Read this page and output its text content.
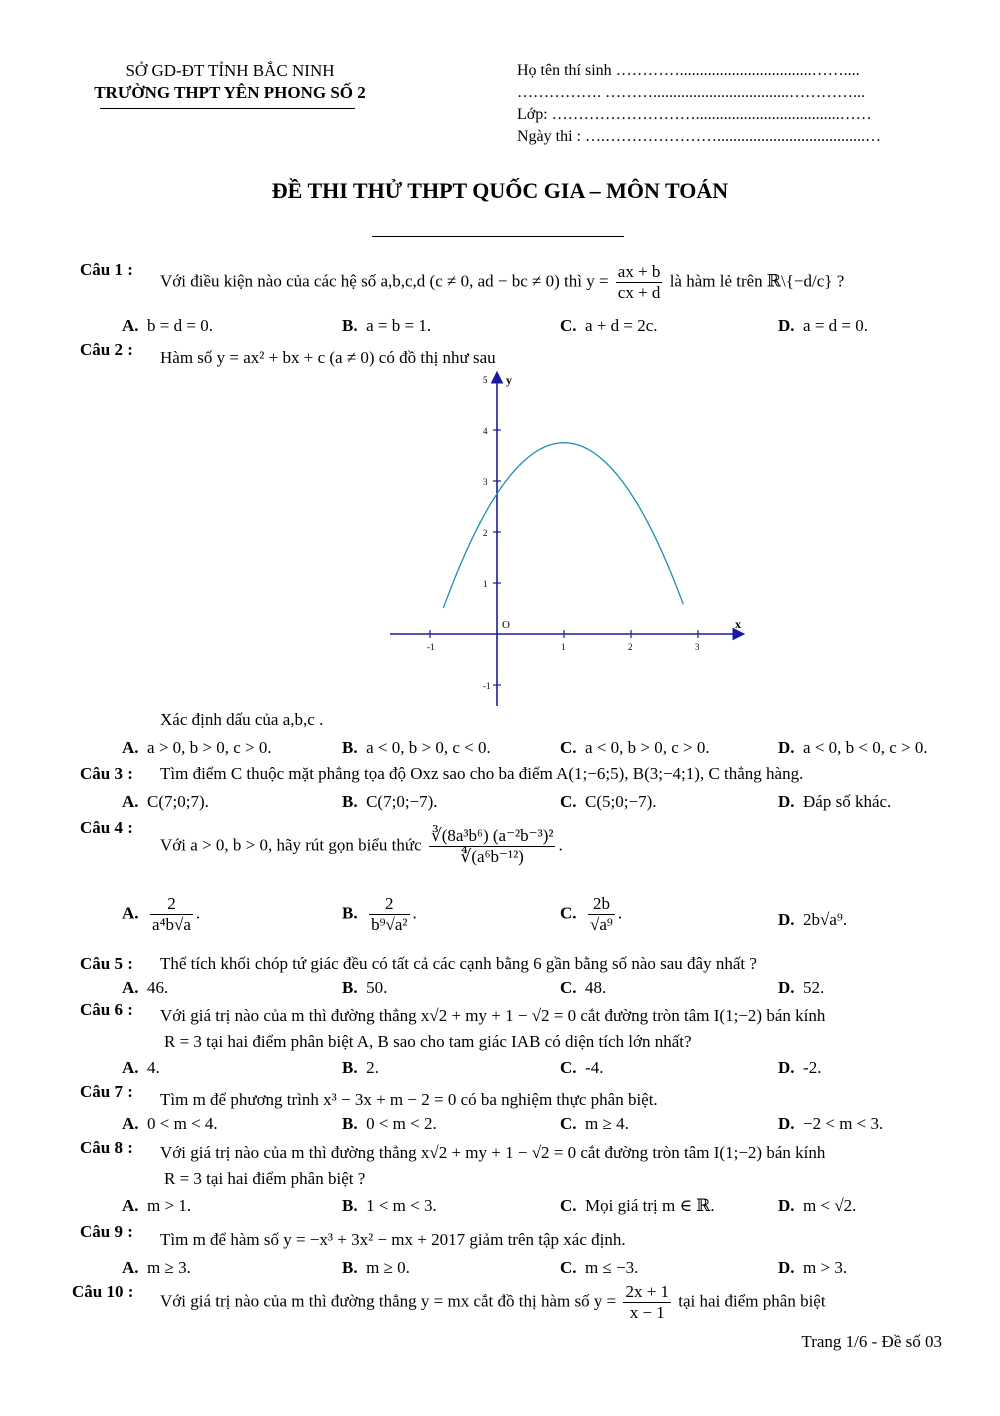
SỞ GD-ĐT TỈNH BẮC NINH
TRƯỜNG THPT YÊN PHONG SỐ 2
Họ tên thí sinh ………….................................……....
……………. ………..................................…………...
Lớp: ………………………....................................……
Ngày thi : ….………………….....................................…
ĐỀ THI THỬ THPT QUỐC GIA – MÔN TOÁN
Câu 1 :
Với điều kiện nào của các hệ số a,b,c,d (c ≠ 0, ad − bc ≠ 0) thì $y = \frac{ax + b}{cx + d}$ là hàm lẻ trên ℝ\{−d/c} ?
A. b = d = 0.	B. a = b = 1.	C. a + d = 2c.	D. a = d = 0.
Câu 2 : Hàm số y = ax² + bx + c (a ≠ 0) có đồ thị như sau
5
4
3
2
1
-1
-1	1	2	3
y
x
O
Xác định dấu của a,b,c .
A. a > 0, b > 0, c > 0.	B. a < 0, b > 0, c < 0.	C. a < 0, b > 0, c > 0.	D. a < 0, b < 0, c > 0.
Câu 3 : Tìm điểm C thuộc mặt phẳng tọa độ Oxz sao cho ba điểm A(1;−6;5), B(3;−4;1), C thẳng hàng.
A. C(7;0;7).	B. C(7;0;−7).	C. C(5;0;−7).	D. Đáp số khác.
Câu 4 :
Với a > 0, b > 0, hãy rút gọn biểu thức $\frac{\text{∛(8a³b⁶) (a⁻²b⁻³)²}}{\text{∜(a⁶b⁻¹²)}}$ .
A. $\frac{2}{\text{a⁴b√a}}$ .	B. $\frac{2}{\text{b⁹√a²}}$ .	C. $\frac{2b}{\text{√a⁹}}$ .	D. 2b√a⁹.
Câu 5 : Thể tích khối chóp tứ giác đều có tất cả các cạnh bằng 6 gần bằng số nào sau đây nhất ?
A. 46.	B. 50.	C. 48.	D. 52.
Câu 6 : Với giá trị nào của m thì đường thẳng x√2 + my + 1 − √2 = 0 cắt đường tròn tâm I(1;−2) bán kính
R = 3 tại hai điểm phân biệt A, B sao cho tam giác IAB có diện tích lớn nhất?
A. 4.	B. 2.	C. -4.	D. -2.
Câu 7 : Tìm m để phương trình x³ − 3x + m − 2 = 0 có ba nghiệm thực phân biệt.
A. 0 < m < 4.	B. 0 < m < 2.	C. m ≥ 4.	D. −2 < m < 3.
Câu 8 : Với giá trị nào của m thì đường thẳng x√2 + my + 1 − √2 = 0 cắt đường tròn tâm I(1;−2) bán kính
R = 3 tại hai điểm phân biệt ?
A. m > 1.	B. 1 < m < 3.	C. Mọi giá trị m ∈ ℝ.	D. m < √2.
Câu 9 : Tìm m để hàm số y = −x³ + 3x² − mx + 2017 giảm trên tập xác định.
A. m ≥ 3.	B. m ≥ 0.	C. m ≤ −3.	D. m > 3.
Câu 10 : Với giá trị nào của m thì đường thẳng y = mx cắt đồ thị hàm số $y = \frac{2x + 1}{x - 1}$ tại hai điểm phân biệt
Trang 1/6 - Đề số 03
